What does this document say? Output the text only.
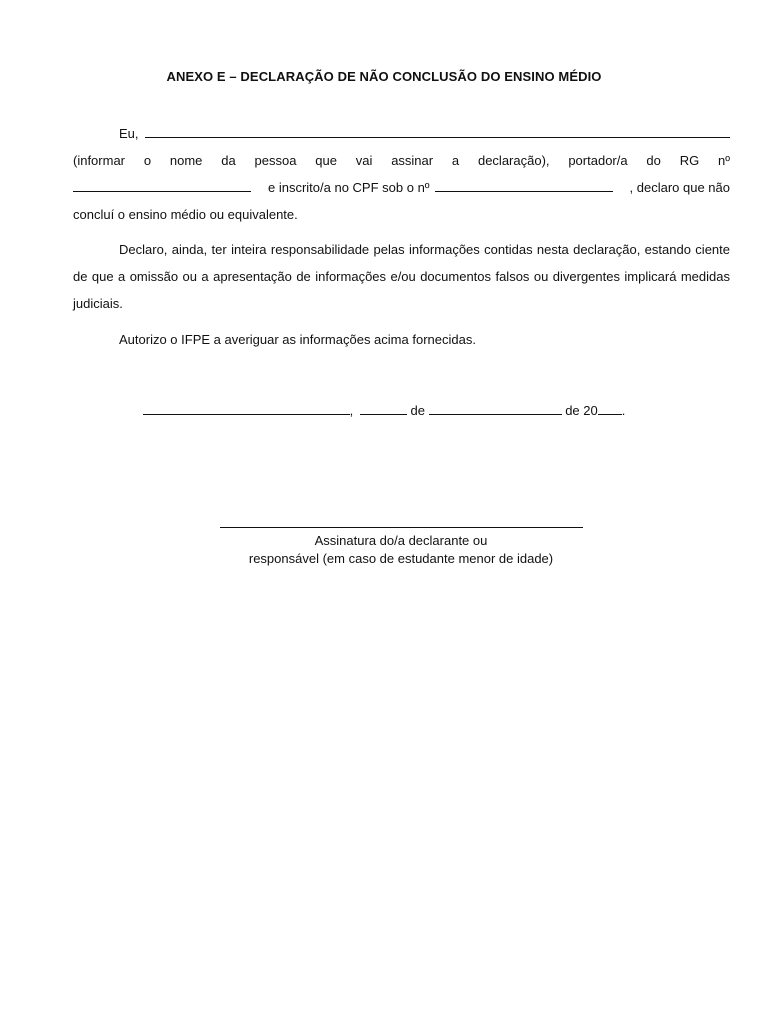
ANEXO E – DECLARAÇÃO DE NÃO CONCLUSÃO DO ENSINO MÉDIO
Eu,
(informar o nome da pessoa que vai assinar a declaração), portador/a do RG nº
e inscrito/a no CPF sob o nº	, declaro que não
concluí o ensino médio ou equivalente.

Declaro, ainda, ter inteira responsabilidade pelas informações contidas nesta declaração, estando ciente de que a omissão ou a apresentação de informações e/ou documentos falsos ou divergentes implicará medidas judiciais.

Autorizo o IFPE a averiguar as informações acima fornecidas.

,	de	de 20 .
Assinatura do/a declarante ou
responsável (em caso de estudante menor de idade)
